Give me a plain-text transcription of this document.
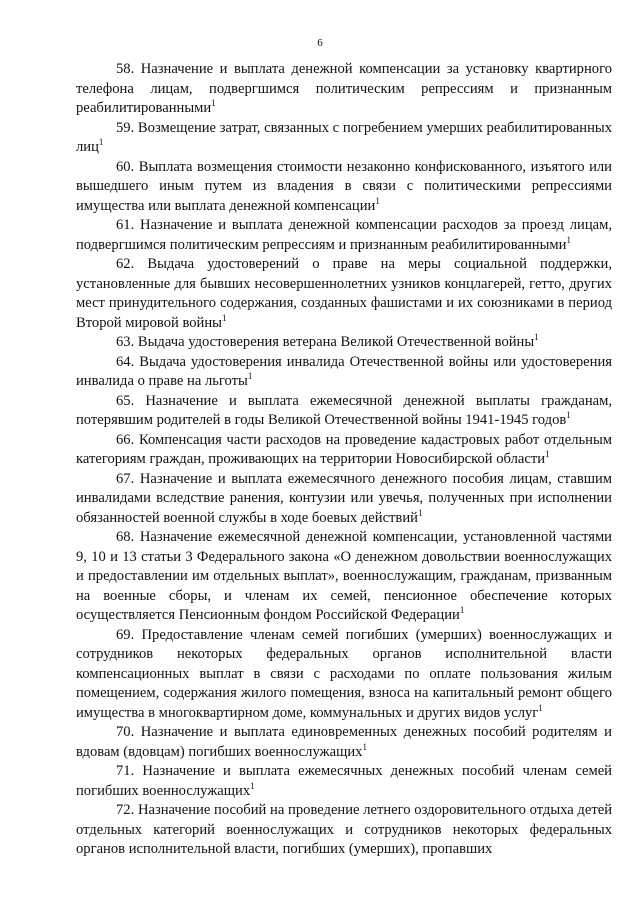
6

58. Назначение и выплата денежной компенсации за установку квартирного телефона лицам, подвергшимся политическим репрессиям и признанным реабилитированными$^1$

59. Возмещение затрат, связанных с погребением умерших реабилитированных лиц$^1$

60. Выплата возмещения стоимости незаконно конфискованного, изъятого или вышедшего иным путем из владения в связи с политическими репрессиями имущества или выплата денежной компенсации$^1$

61. Назначение и выплата денежной компенсации расходов за проезд лицам, подвергшимся политическим репрессиям и признанным реабилитированными$^1$

62. Выдача удостоверений о праве на меры социальной поддержки, установленные для бывших несовершеннолетних узников концлагерей, гетто, других мест принудительного содержания, созданных фашистами и их союзниками в период Второй мировой войны$^1$

63. Выдача удостоверения ветерана Великой Отечественной войны$^1$

64. Выдача удостоверения инвалида Отечественной войны или удостоверения инвалида о праве на льготы$^1$

65. Назначение и выплата ежемесячной денежной выплаты гражданам, потерявшим родителей в годы Великой Отечественной войны 1941-1945 годов$^1$

66. Компенсация части расходов на проведение кадастровых работ отдельным категориям граждан, проживающих на территории Новосибирской области$^1$

67. Назначение и выплата ежемесячного денежного пособия лицам, ставшим инвалидами вследствие ранения, контузии или увечья, полученных при исполнении обязанностей военной службы в ходе боевых действий$^1$

68. Назначение ежемесячной денежной компенсации, установленной частями 9, 10 и 13 статьи 3 Федерального закона «О денежном довольствии военнослужащих и предоставлении им отдельных выплат», военнослужащим, гражданам, призванным на военные сборы, и членам их семей, пенсионное обеспечение которых осуществляется Пенсионным фондом Российской Федерации$^1$

69. Предоставление членам семей погибших (умерших) военнослужащих и сотрудников некоторых федеральных органов исполнительной власти компенсационных выплат в связи с расходами по оплате пользования жилым помещением, содержания жилого помещения, взноса на капитальный ремонт общего имущества в многоквартирном доме, коммунальных и других видов услуг$^1$

70. Назначение и выплата единовременных денежных пособий родителям и вдовам (вдовцам) погибших военнослужащих$^1$

71. Назначение и выплата ежемесячных денежных пособий членам семей погибших военнослужащих$^1$

72. Назначение пособий на проведение летнего оздоровительного отдыха детей отдельных категорий военнослужащих и сотрудников некоторых федеральных органов исполнительной власти, погибших (умерших), пропавших
